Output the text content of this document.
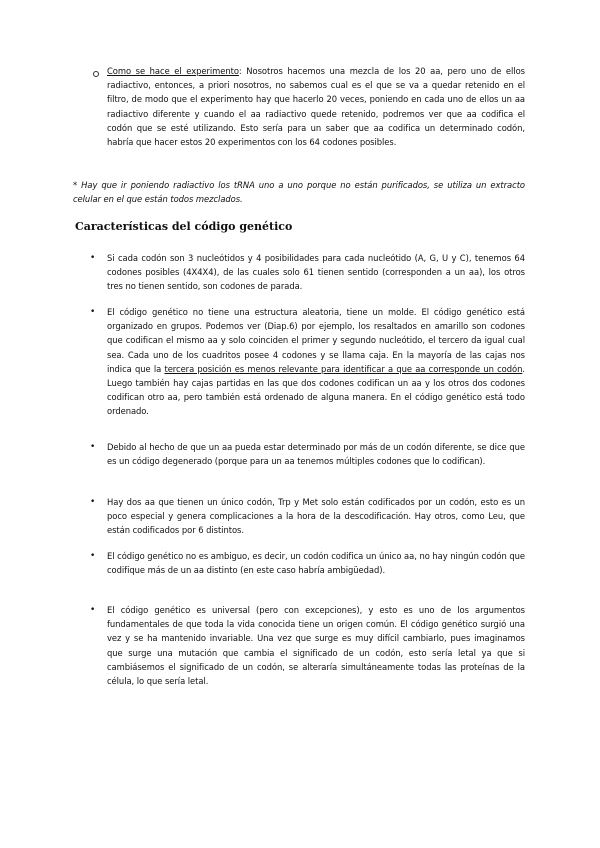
Como se hace el experimento: Nosotros hacemos una mezcla de los 20 aa, pero uno de ellos radiactivo, entonces, a priori nosotros, no sabemos cual es el que se va a quedar retenido en el filtro, de modo que el experimento hay que hacerlo 20 veces, poniendo en cada uno de ellos un aa radiactivo diferente y cuando el aa radiactivo quede retenido, podremos ver que aa codifica el codón que se esté utilizando. Esto sería para un saber que aa codifica un determinado codón, habría que hacer estos 20 experimentos con los 64 codones posibles.

* Hay que ir poniendo radiactivo los tRNA uno a uno porque no están purificados, se utiliza un extracto celular en el que están todos mezclados.

Características del código genético
• Si cada codón son 3 nucleótidos y 4 posibilidades para cada nucleótido (A, G, U y C), tenemos 64 codones posibles (4X4X4), de las cuales solo 61 tienen sentido (corresponden a un aa), los otros tres no tienen sentido, son codones de parada.

• El código genético no tiene una estructura aleatoria, tiene un molde. El código genético está organizado en grupos. Podemos ver (Diap.6) por ejemplo, los resaltados en amarillo son codones que codifican el mismo aa y solo coinciden el primer y segundo nucleótido, el tercero da igual cual sea. Cada uno de los cuadritos posee 4 codones y se llama caja. En la mayoría de las cajas nos indica que la tercera posición es menos relevante para identificar a que aa corresponde un codón. Luego también hay cajas partidas en las que dos codones codifican un aa y los otros dos codones codifican otro aa, pero también está ordenado de alguna manera. En el código genético está todo ordenado.

• Debido al hecho de que un aa pueda estar determinado por más de un codón diferente, se dice que es un código degenerado (porque para un aa tenemos múltiples codones que lo codifican).

• Hay dos aa que tienen un único codón, Trp y Met solo están codificados por un codón, esto es un poco especial y genera complicaciones a la hora de la descodificación. Hay otros, como Leu, que están codificados por 6 distintos.

• El código genético no es ambiguo, es decir, un codón codifica un único aa, no hay ningún codón que codifique más de un aa distinto (en este caso habría ambigüedad).

• El código genético es universal (pero con excepciones), y esto es uno de los argumentos fundamentales de que toda la vida conocida tiene un origen común. El código genético surgió una vez y se ha mantenido invariable. Una vez que surge es muy difícil cambiarlo, pues imaginamos que surge una mutación que cambia el significado de un codón, esto sería letal ya que si cambiásemos el significado de un codón, se alteraría simultáneamente todas las proteínas de la célula, lo que sería letal.
